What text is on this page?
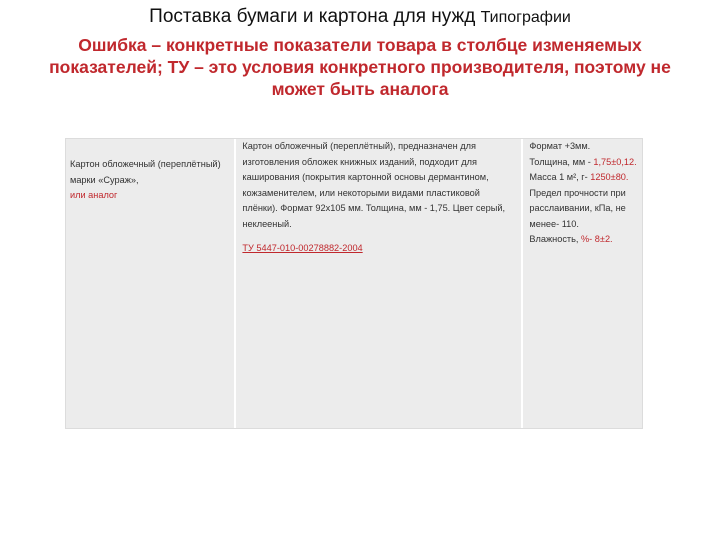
Поставка бумаги и картона для нужд Типографии
Ошибка – конкретные показатели товара в столбце изменяемых показателей; ТУ – это условия конкретного производителя, поэтому не может быть аналога

Картон обложечный (переплётный) марки «Сураж»,
или аналог

Картон обложечный (переплётный), предназначен для изготовления обложек книжных изданий, подходит для каширования (покрытия картонной основы дермантином, кожзаменителем, или некоторыми видами пластиковой плёнки). Формат 92х105 мм. Толщина, мм - 1,75. Цвет серый, неклееный.

ТУ 5447-010-00278882-2004

Формат +3мм.

Толщина, мм - 1,75±0,12.

Масса 1 м², г- 1250±80.

Предел прочности при расслаивании, кПа, не менее- 110.

Влажность, %- 8±2.
